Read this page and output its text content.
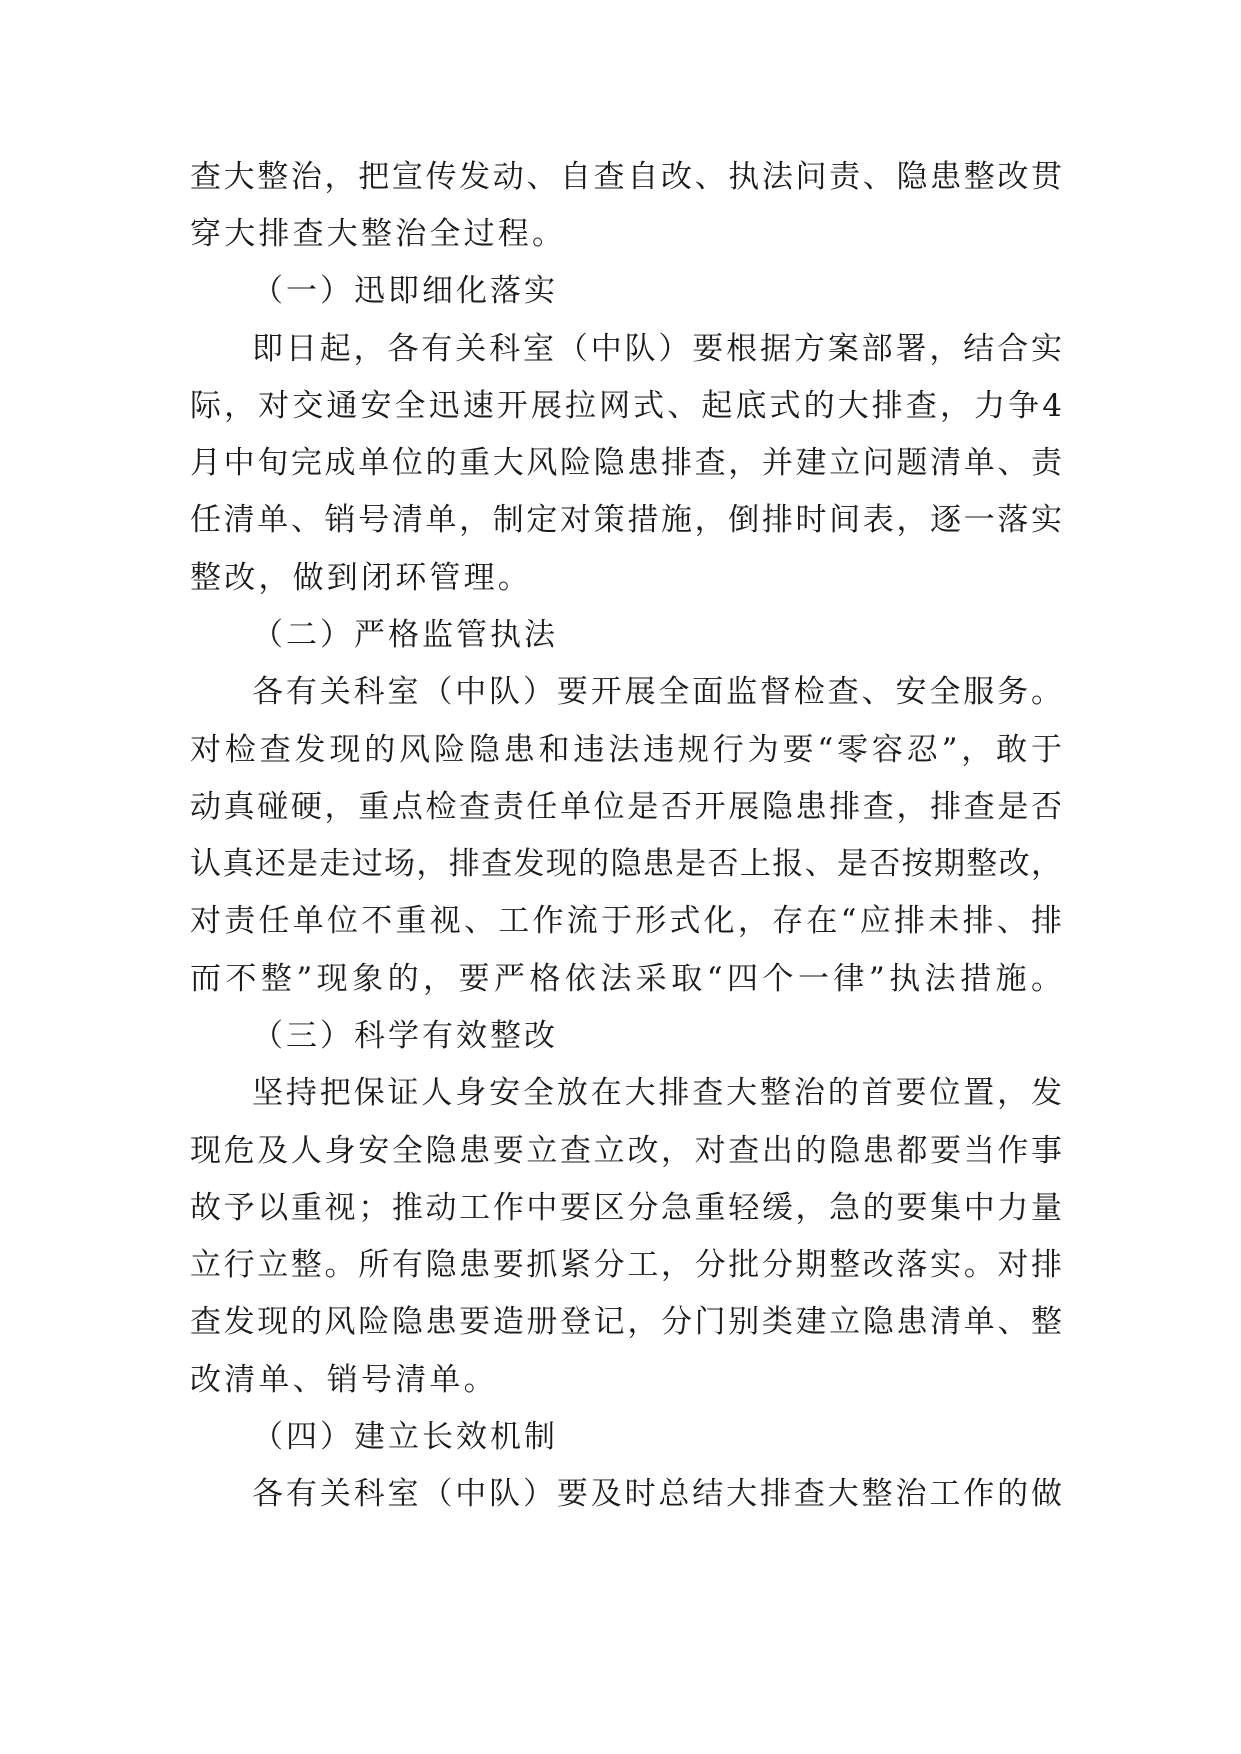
查大整治，把宣传发动、自查自改、执法问责、隐患整改贯
穿大排查大整治全过程。
（一）迅即细化落实
即日起，各有关科室（中队）要根据方案部署，结合实
际，对交通安全迅速开展拉网式、起底式的大排查，力争4
月中旬完成单位的重大风险隐患排查，并建立问题清单、责
任清单、销号清单，制定对策措施，倒排时间表，逐一落实
整改，做到闭环管理。
（二）严格监管执法
各有关科室（中队）要开展全面监督检查、安全服务。
对检查发现的风险隐患和违法违规行为要“零容忍”，敢于
动真碰硬，重点检查责任单位是否开展隐患排查，排查是否
认真还是走过场，排查发现的隐患是否上报、是否按期整改，
对责任单位不重视、工作流于形式化，存在“应排未排、排
而不整”现象的，要严格依法采取“四个一律”执法措施。
（三）科学有效整改
坚持把保证人身安全放在大排查大整治的首要位置，发
现危及人身安全隐患要立查立改，对查出的隐患都要当作事
故予以重视；推动工作中要区分急重轻缓，急的要集中力量
立行立整。所有隐患要抓紧分工，分批分期整改落实。对排
查发现的风险隐患要造册登记，分门别类建立隐患清单、整
改清单、销号清单。
（四）建立长效机制
各有关科室（中队）要及时总结大排查大整治工作的做
